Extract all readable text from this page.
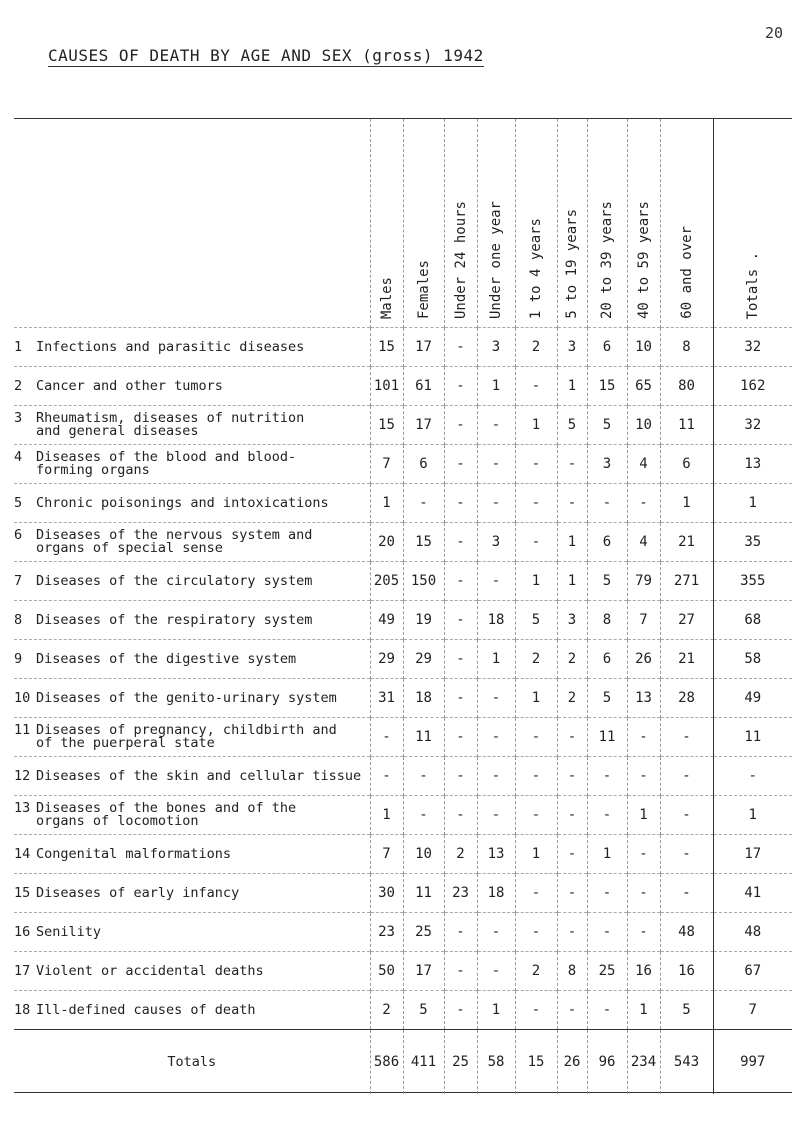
20
CAUSES OF DEATH BY AGE AND SEX (gross) 1942

	Males	Females	Under 24 hours	Under one year	1 to 4 years	5 to 19 years	20 to 39 years	40 to 59 years	60 and over	Totals .

1 Infections and parasitic diseases	15	17	-	3	2	3	6	10	8	32
2 Cancer and other tumors	101	61	-	1	-	1	15	65	80	162
3 Rheumatism, diseases of nutrition
and general diseases	15	17	-	-	1	5	5	10	11	32
4 Diseases of the blood and blood-
forming organs	7	6	-	-	-	-	3	4	6	13
5 Chronic poisonings and intoxications	1	-	-	-	-	-	-	-	1	1
6 Diseases of the nervous system and
organs of special sense	20	15	-	3	-	1	6	4	21	35
7 Diseases of the circulatory system	205	150	-	-	1	1	5	79	271	355
8 Diseases of the respiratory system	49	19	-	18	5	3	8	7	27	68
9 Diseases of the digestive system	29	29	-	1	2	2	6	26	21	58
10 Diseases of the genito-urinary system	31	18	-	-	1	2	5	13	28	49
11 Diseases of pregnancy, childbirth and
of the puerperal state	-	11	-	-	-	-	11	-	-	11
12 Diseases of the skin and cellular tissue	-	-	-	-	-	-	-	-	-	-
13 Diseases of the bones and of the
organs of locomotion	1	-	-	-	-	-	-	1	-	1
14 Congenital malformations	7	10	2	13	1	-	1	-	-	17
15 Diseases of early infancy	30	11	23	18	-	-	-	-	-	41
16 Senility	23	25	-	-	-	-	-	-	48	48
17 Violent or accidental deaths	50	17	-	-	2	8	25	16	16	67
18 Ill-defined causes of death	2	5	-	1	-	-	-	1	5	7
Totals	586	411	25	58	15	26	96	234	543	997
